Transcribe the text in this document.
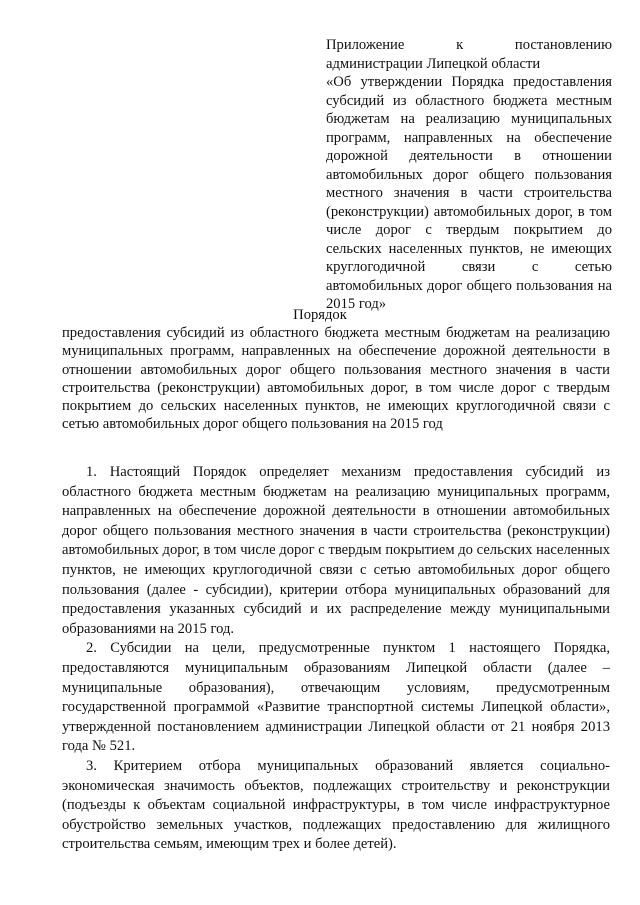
Приложение к постановлению администрации Липецкой области

«Об утверждении Порядка предоставления субсидий из областного бюджета местным бюджетам на реализацию муниципальных программ, направленных на обеспечение дорожной деятельности в отношении автомобильных дорог общего пользования местного значения в части строительства (реконструкции) автомобильных дорог, в том числе дорог с твердым покрытием до сельских населенных пунктов, не имеющих круглогодичной связи с сетью автомобильных дорог общего пользования на 2015 год»

Порядок
предоставления субсидий из областного бюджета местным бюджетам на реализацию муниципальных программ, направленных на обеспечение дорожной деятельности в отношении автомобильных дорог общего пользования местного значения в части строительства (реконструкции) автомобильных дорог, в том числе дорог с твердым покрытием до сельских населенных пунктов, не имеющих круглогодичной связи с сетью автомобильных дорог общего пользования на 2015 год

1. Настоящий Порядок определяет механизм предоставления субсидий из областного бюджета местным бюджетам на реализацию муниципальных программ, направленных на обеспечение дорожной деятельности в отношении автомобильных дорог общего пользования местного значения в части строительства (реконструкции) автомобильных дорог, в том числе дорог с твердым покрытием до сельских населенных пунктов, не имеющих круглогодичной связи с сетью автомобильных дорог общего пользования (далее - субсидии), критерии отбора муниципальных образований для предоставления указанных субсидий и их распределение между муниципальными образованиями на 2015 год.

2. Субсидии на цели, предусмотренные пунктом 1 настоящего Порядка, предоставляются муниципальным образованиям Липецкой области (далее – муниципальные образования), отвечающим условиям, предусмотренным государственной программой «Развитие транспортной системы Липецкой области», утвержденной постановлением администрации Липецкой области от 21 ноября 2013 года № 521.

3. Критерием отбора муниципальных образований является социально-экономическая значимость объектов, подлежащих строительству и реконструкции (подъезды к объектам социальной инфраструктуры, в том числе инфраструктурное обустройство земельных участков, подлежащих предоставлению для жилищного строительства семьям, имеющим трех и более детей).
